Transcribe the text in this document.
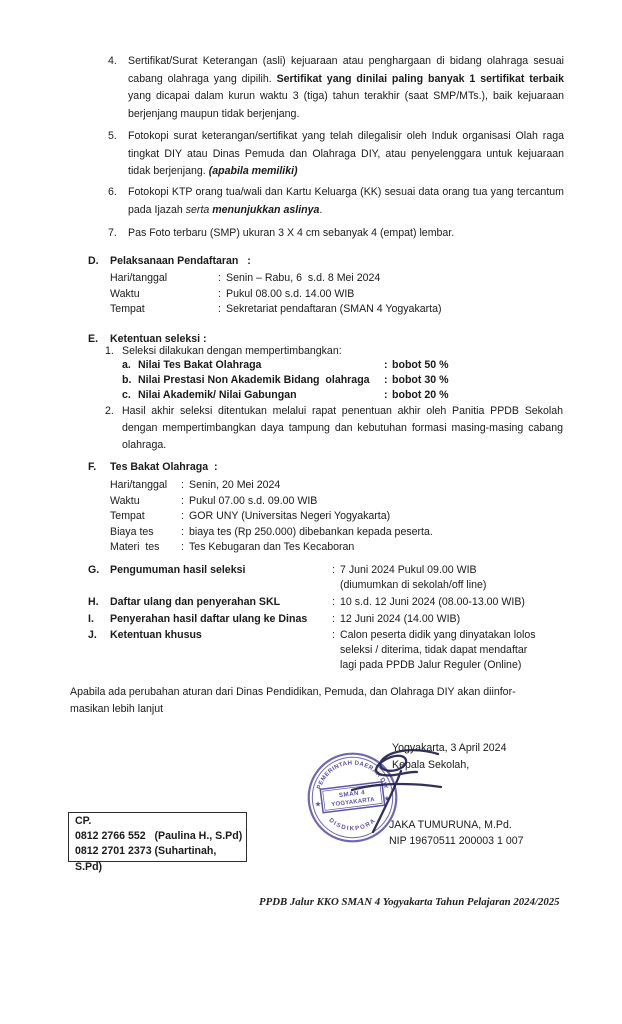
4.	Sertifikat/Surat Keterangan (asli) kejuaraan atau penghargaan di bidang olahraga sesuai cabang olahraga yang dipilih. Sertifikat yang dinilai paling banyak 1 sertifikat terbaik yang dicapai dalam kurun waktu 3 (tiga) tahun terakhir (saat SMP/MTs.), baik kejuaraan berjenjang maupun tidak berjenjang.
5.	Fotokopi surat keterangan/sertifikat yang telah dilegalisir oleh Induk organisasi Olah raga tingkat DIY atau Dinas Pemuda dan Olahraga DIY, atau penyelenggara untuk kejuaraan tidak berjenjang. (apabila memiliki)
6.	Fotokopi KTP orang tua/wali dan Kartu Keluarga (KK) sesuai data orang tua yang tercantum pada Ijazah serta menunjukkan aslinya.
7.	Pas Foto terbaru (SMP) ukuran 3 X 4 cm sebanyak 4 (empat) lembar.
D.	Pelaksanaan Pendaftaran   :
Hari/tanggal	: Senin – Rabu, 6  s.d. 8 Mei 2024
Waktu	: Pukul 08.00 s.d. 14.00 WIB
Tempat	: Sekretariat pendaftaran (SMAN 4 Yogyakarta)
E.	Ketentuan seleksi :
1. Seleksi dilakukan dengan mempertimbangkan:
a. Nilai Tes Bakat Olahraga	: bobot 50 %
b. Nilai Prestasi Non Akademik Bidang  olahraga	: bobot 30 %
c. Nilai Akademik/ Nilai Gabungan	: bobot 20 %
2. Hasil akhir seleksi ditentukan melalui rapat penentuan akhir oleh Panitia PPDB Sekolah dengan mempertimbangkan daya tampung dan kebutuhan formasi masing-masing cabang olahraga.
F.	Tes Bakat Olahraga  :
Hari/tanggal	: Senin, 20 Mei 2024
Waktu	: Pukul 07.00 s.d. 09.00 WIB
Tempat	: GOR UNY (Universitas Negeri Yogyakarta)
Biaya tes	: biaya tes (Rp 250.000) dibebankan kepada peserta.
Materi  tes	: Tes Kebugaran dan Tes Kecaboran
G.	Pengumuman hasil seleksi	: 7 Juni 2024 Pukul 09.00 WIB
(diumumkan di sekolah/off line)
H.	Daftar ulang dan penyerahan SKL	: 10 s.d. 12 Juni 2024 (08.00-13.00 WIB)
I.	Penyerahan hasil daftar ulang ke Dinas	: 12 Juni 2024 (14.00 WIB)
J.	Ketentuan khusus	: Calon peserta didik yang dinyatakan lolos
seleksi / diterima, tidak dapat mendaftar
lagi pada PPDB Jalur Reguler (Online)
Apabila ada perubahan aturan dari Dinas Pendidikan, Pemuda, dan Olahraga DIY akan diinfor-
masikan lebih lanjut
Yogyakarta, 3 April 2024
Kepala Sekolah,
PEMERINTAH DAERAH DIY
DISDIKPORA
★
★
SMAN 4
YOGYAKARTA
JAKA TUMURUNA, M.Pd.
NIP 19670511 200003 1 007
CP.
0812 2766 552   (Paulina H., S.Pd)
0812 2701 2373 (Suhartinah, S.Pd)
PPDB Jalur KKO SMAN 4 Yogyakarta Tahun Pelajaran 2024/2025
